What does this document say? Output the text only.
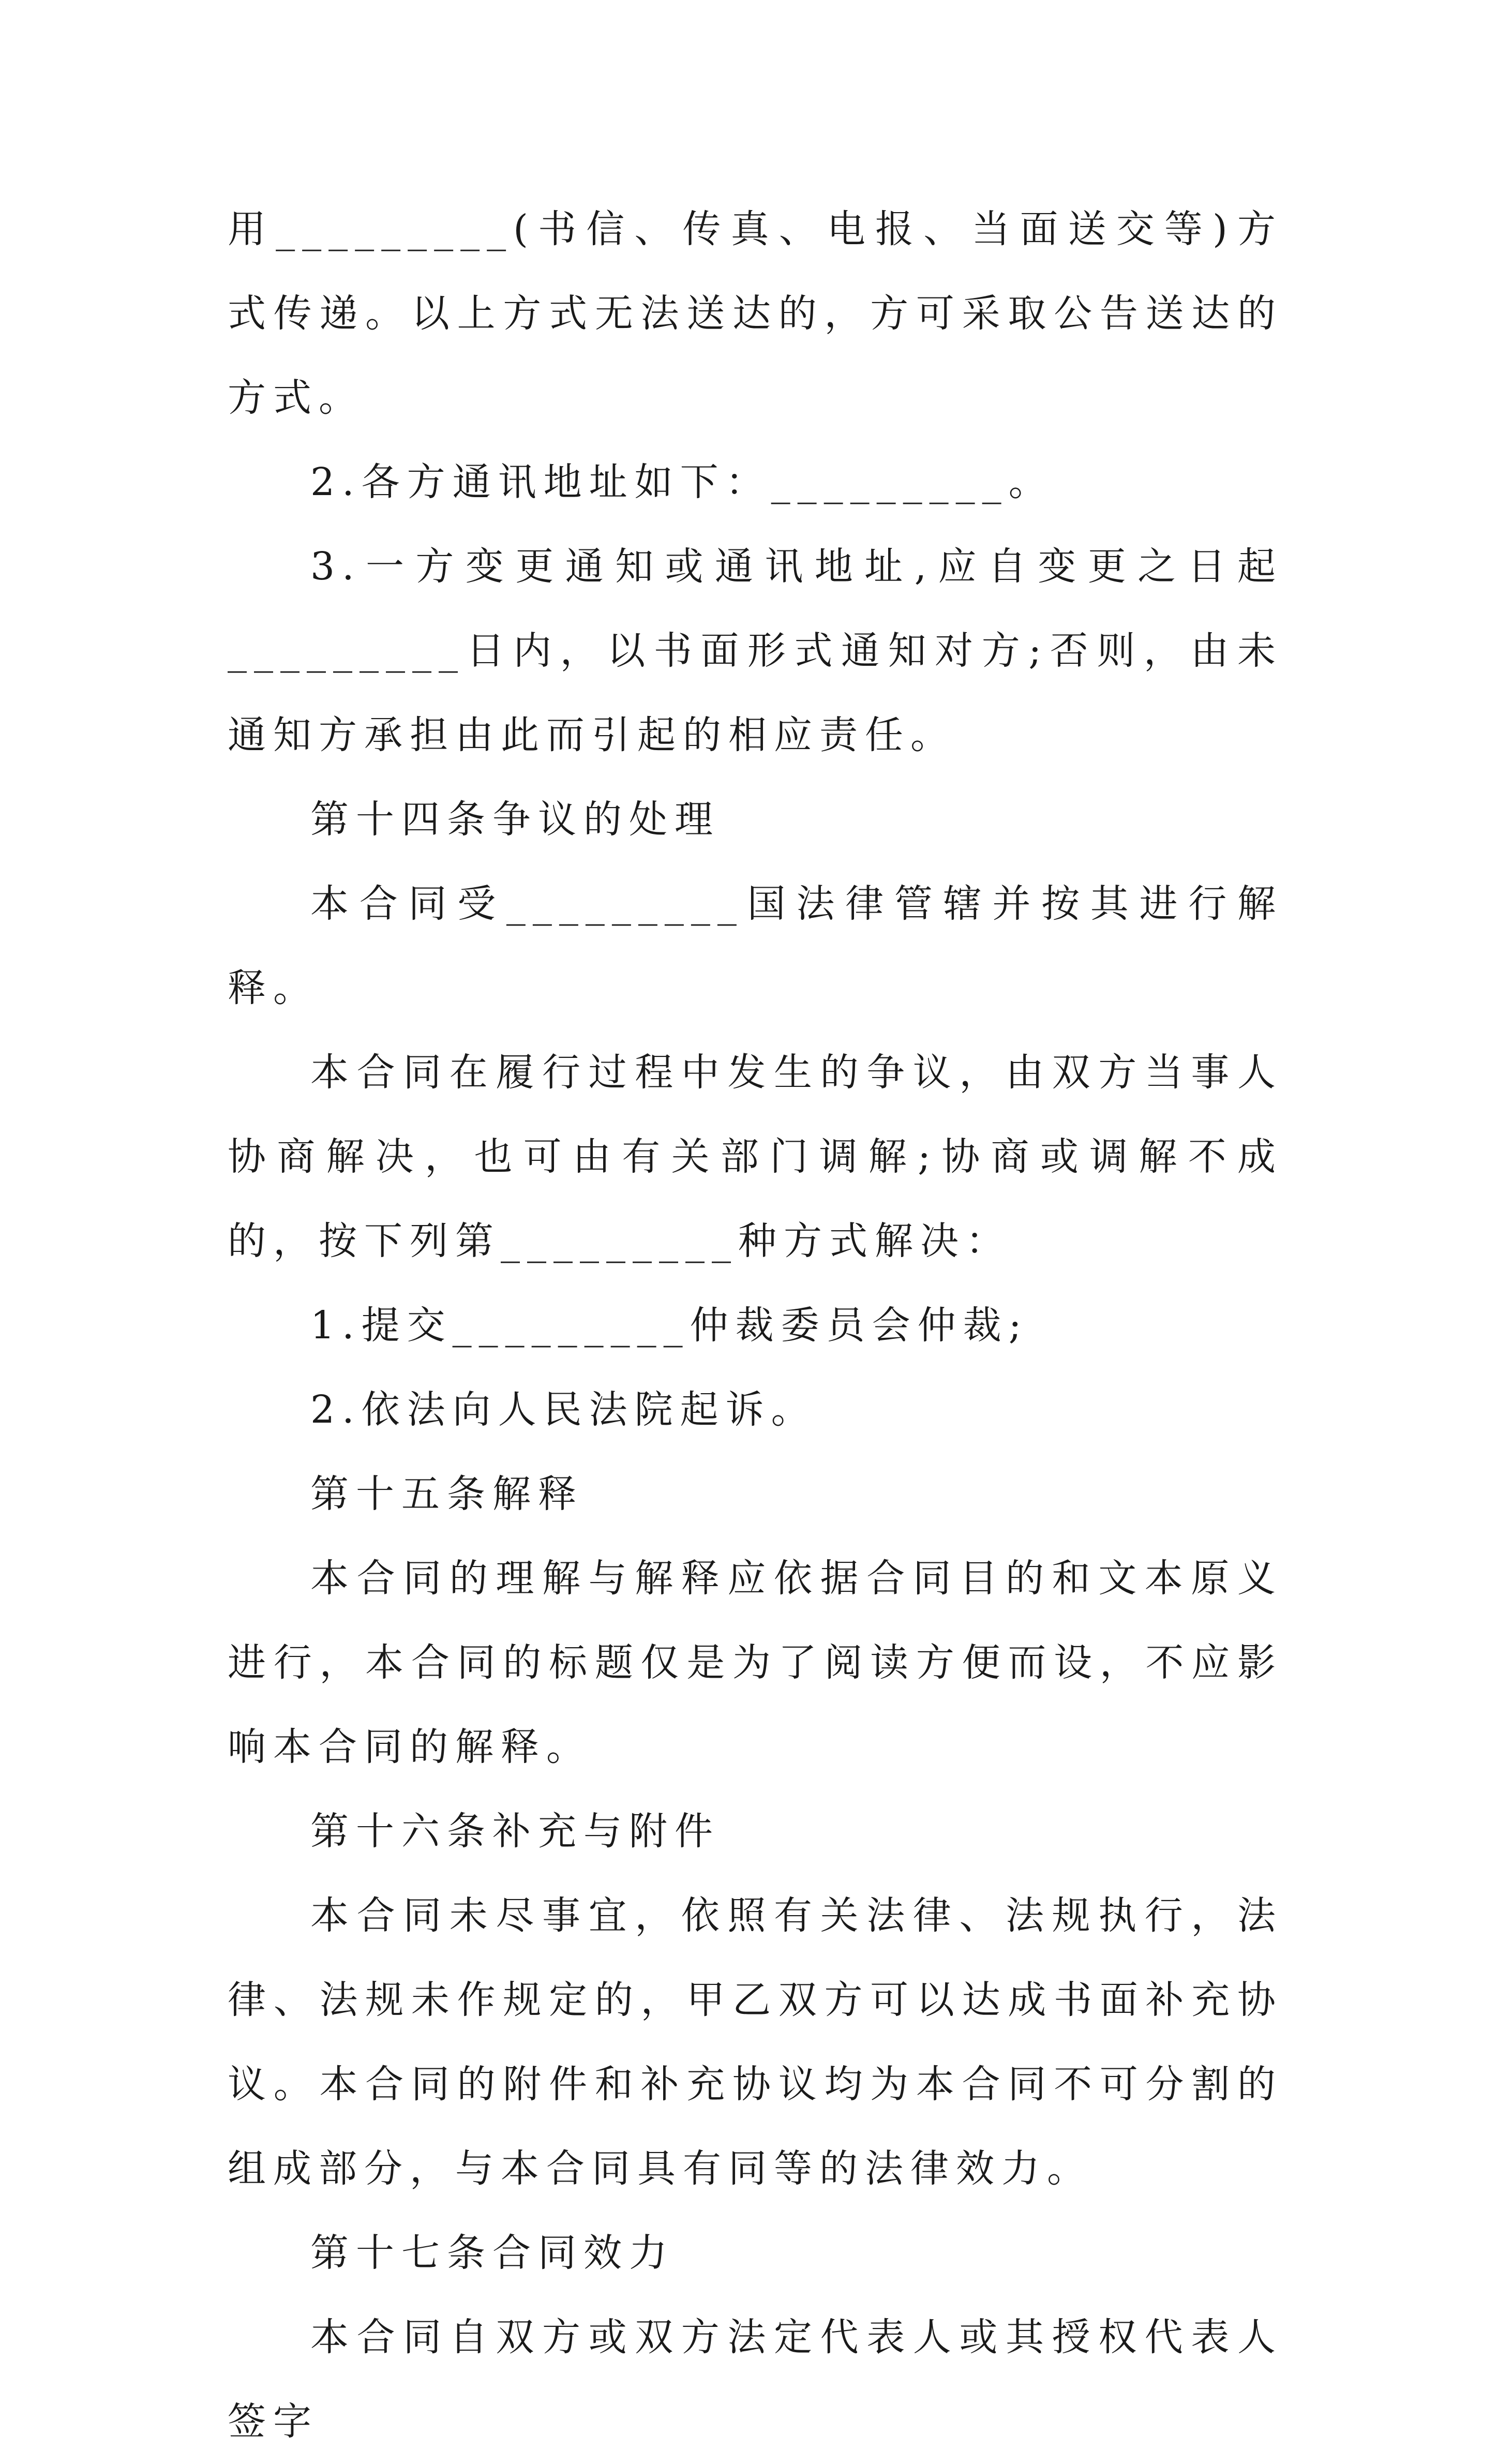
用_________(书信、传真、电报、当面送交等)方式传递。以上方式无法送达的，方可采取公告送达的方式。

2.各方通讯地址如下：_________。

3.一方变更通知或通讯地址,应自变更之日起_________日内，以书面形式通知对方;否则，由未通知方承担由此而引起的相应责任。

第十四条争议的处理

本合同受_________国法律管辖并按其进行解释。

本合同在履行过程中发生的争议，由双方当事人协商解决，也可由有关部门调解;协商或调解不成的，按下列第_________种方式解决：

1.提交_________仲裁委员会仲裁;

2.依法向人民法院起诉。

第十五条解释

本合同的理解与解释应依据合同目的和文本原义进行，本合同的标题仅是为了阅读方便而设，不应影响本合同的解释。

第十六条补充与附件

本合同未尽事宜，依照有关法律、法规执行，法律、法规未作规定的，甲乙双方可以达成书面补充协议。本合同的附件和补充协议均为本合同不可分割的组成部分，与本合同具有同等的法律效力。

第十七条合同效力

本合同自双方或双方法定代表人或其授权代表人签字
